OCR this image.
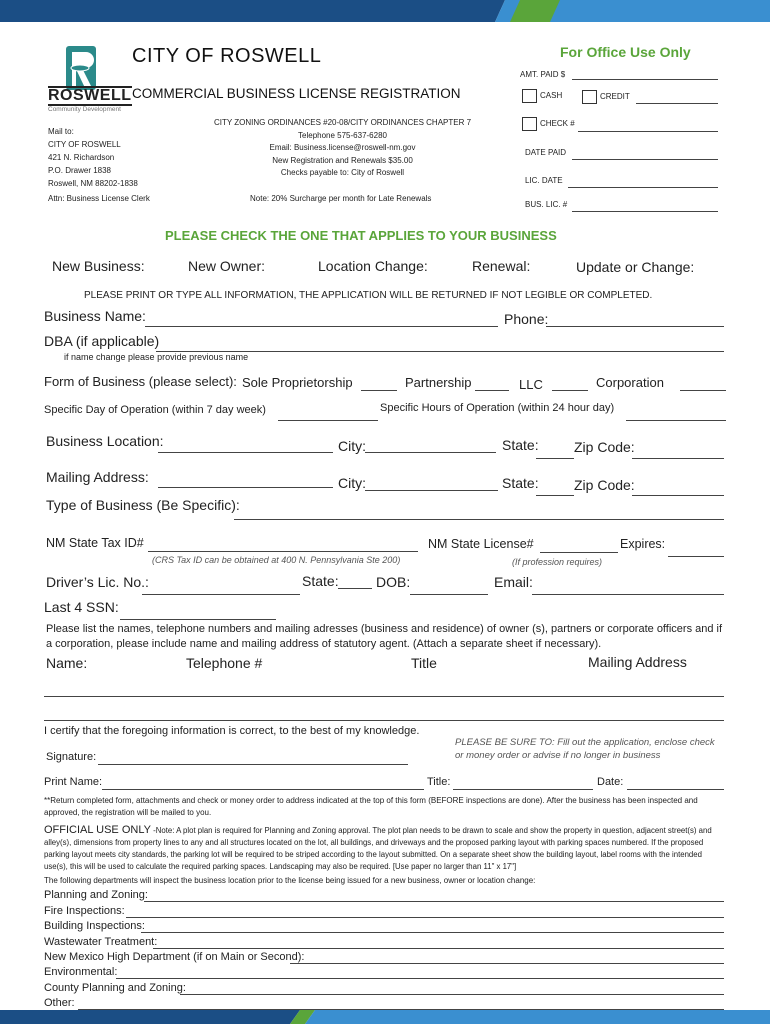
ROSWELL
Community Development
CITY OF ROSWELL
COMMERCIAL BUSINESS LICENSE REGISTRATION
Mail to:
CITY OF ROSWELL
421 N. Richardson
P.O. Drawer 1838
Roswell, NM 88202-1838
Attn: Business License Clerk
CITY ZONING ORDINANCES #20-08/CITY ORDINANCES CHAPTER 7
Telephone 575-637-6280
Email: Business.license@roswell-nm.gov
New Registration and Renewals $35.00
Checks payable to: City of Roswell
Note: 20% Surcharge per month for Late Renewals
For Office Use Only
AMT. PAID $
CASH	CREDIT
CHECK #
DATE PAID
LIC. DATE
BUS. LIC. #
PLEASE CHECK THE ONE THAT APPLIES TO YOUR BUSINESS
New Business:	New Owner:	Location Change:	Renewal:	Update or Change:
PLEASE PRINT OR TYPE ALL INFORMATION, THE APPLICATION WILL BE RETURNED IF NOT LEGIBLE OR COMPLETED.
Business Name:	Phone:
DBA (if applicable)
if name change please provide previous name
Form of Business (please select): Sole Proprietorship	Partnership	LLC	Corporation
Specific Day of Operation (within 7 day week)	Specific Hours of Operation (within 24 hour day)
Business Location:	City:	State:	Zip Code:
Mailing Address:	City:	State:	Zip Code:
Type of Business (Be Specific):
NM State Tax ID#
(CRS Tax ID can be obtained at 400 N. Pennsylvania Ste 200)
NM State License#
(If profession requires)
Expires:
Driver’s Lic. No.:	State:	DOB:	Email:
Last 4 SSN:
Please list the names, telephone numbers and mailing adresses (business and residence) of owner (s), partners or corporate officers and if a corporation, please include name and mailing address of statutory agent. (Attach a separate sheet if necessary).
Name:	Telephone #	Title	Mailing Address
I certify that the foregoing information is correct, to the best of my knowledge.
Signature:
PLEASE BE SURE TO: Fill out the application, enclose check or money order or advise if no longer in business
Print Name:	Title:	Date:
**Return completed form, attachments and check or money order to address indicated at the top of this form (BEFORE inspections are done). After the business has been inspected and approved, the registration will be mailed to you.
OFFICIAL USE ONLY -Note: A plot plan is required for Planning and Zoning approval. The plot plan needs to be drawn to scale and show the property in question, adjacent street(s) and alley(s), dimensions from property lines to any and all structures located on the lot, all buildings, and driveways and the proposed parking layout with parking spaces numbered. If the proposed parking layout meets city standards, the parking lot will be required to be striped according to the layout submitted. On a separate sheet show the building layout, label rooms with the intended use(s), this will be used to calculate the required parking spaces. Landscaping may also be required. [Use paper no larger than 11" x 17"]
The following departments will inspect the business location prior to the license being issued for a new business, owner or location change:
Planning and Zoning:
Fire Inspections:
Building Inspections:
Wastewater Treatment:
New Mexico High Department (if on Main or Second):
Environmental:
County Planning and Zoning:
Other:
